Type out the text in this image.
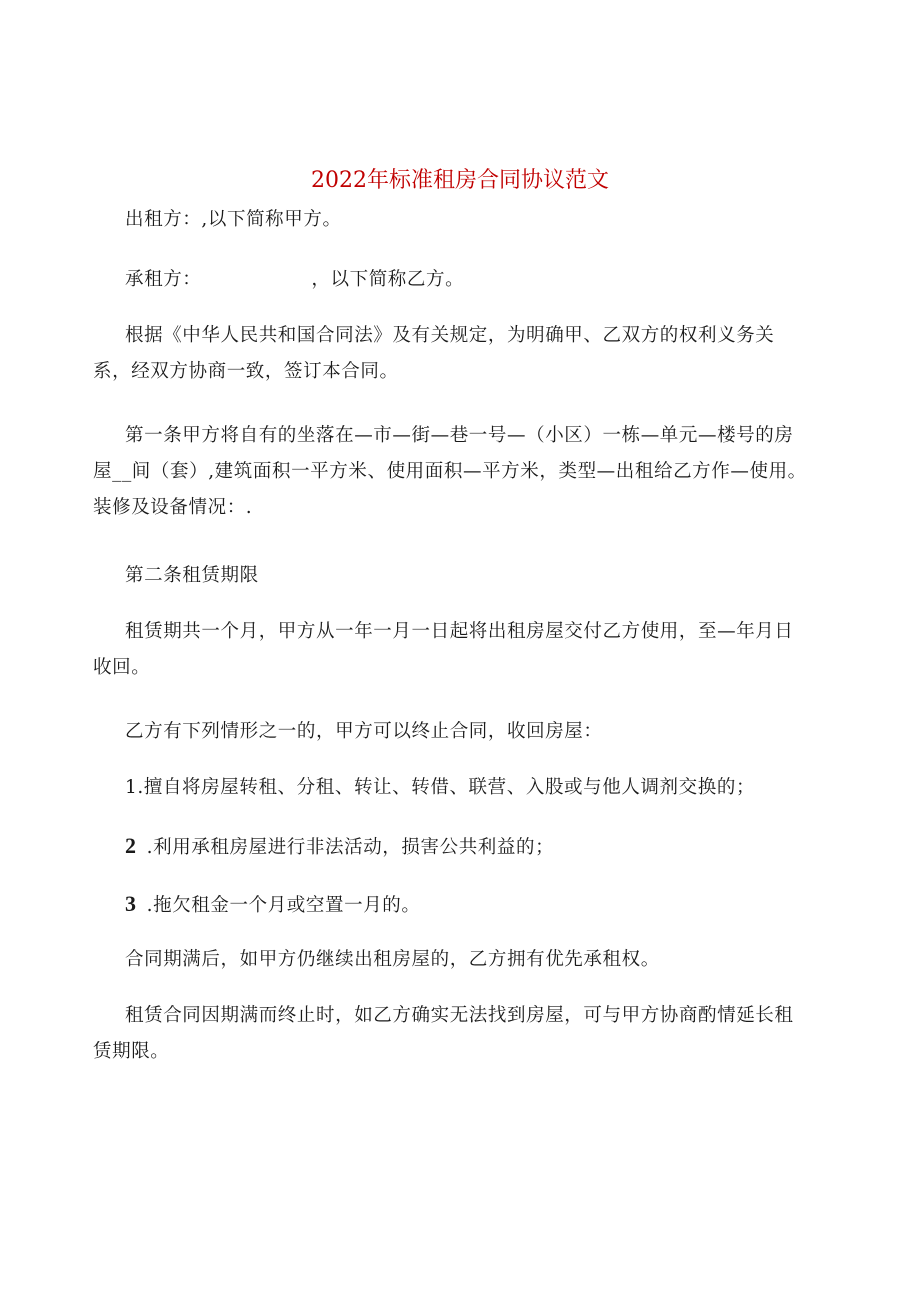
2022年标准租房合同协议范文
出租方：,以下简称甲方。
承租方：	，以下简称乙方。
根据《中华人民共和国合同法》及有关规定，为明确甲、乙双方的权利义务关
系，经双方协商一致，签订本合同。
第一条甲方将自有的坐落在—市—街—巷一号—（小区）一栋—单元—楼号的房
屋__间（套）,建筑面积一平方米、使用面积—平方米，类型—出租给乙方作—使用。
装修及设备情况：.
第二条租赁期限
租赁期共一个月，甲方从一年一月一日起将出租房屋交付乙方使用，至—年月日
收回。
乙方有下列情形之一的，甲方可以终止合同，收回房屋：
1.擅自将房屋转租、分租、转让、转借、联营、入股或与他人调剂交换的；
2 .利用承租房屋进行非法活动，损害公共利益的；
3 .拖欠租金一个月或空置一月的。
合同期满后，如甲方仍继续出租房屋的，乙方拥有优先承租权。
租赁合同因期满而终止时，如乙方确实无法找到房屋，可与甲方协商酌情延长租
赁期限。
